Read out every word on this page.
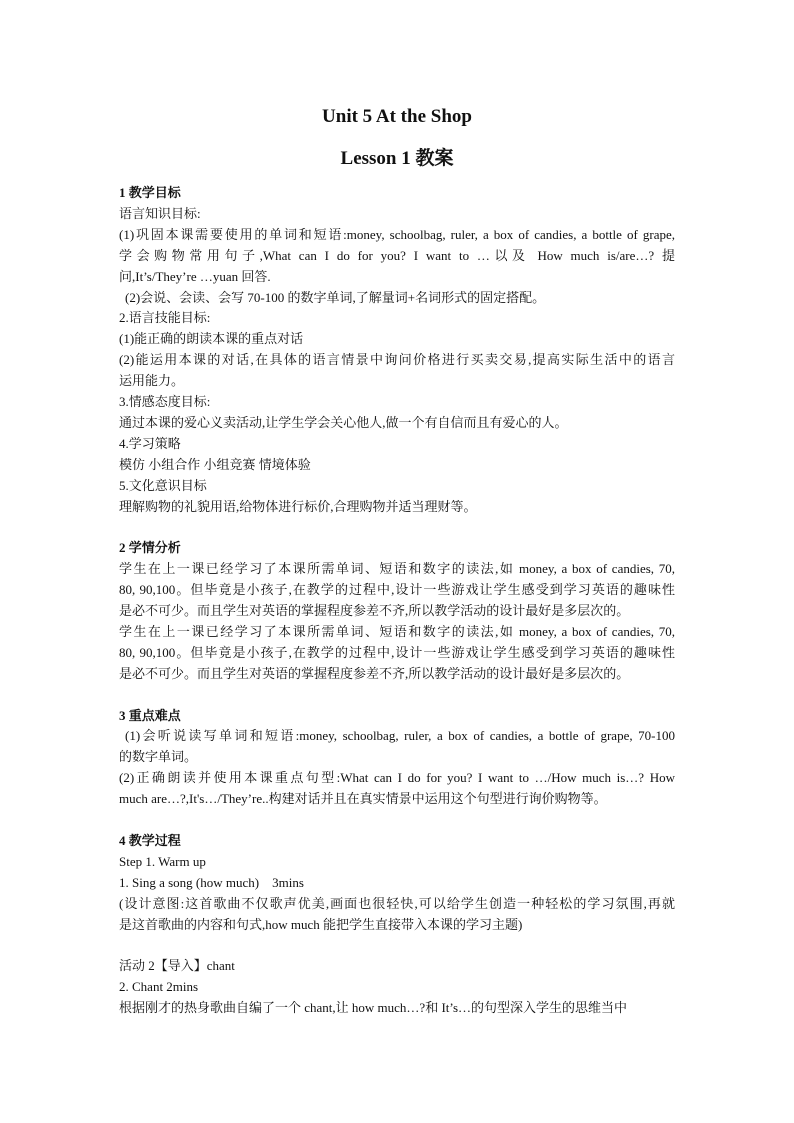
Unit 5 At the Shop
Lesson 1 教案
1 教学目标
语言知识目标:
(1)巩固本课需要使用的单词和短语:money, schoolbag, ruler, a box of candies, a bottle of grape,
学会购物常用句子,What can I do for you? I want to …以及 How much is/are…? 提
问,It’s/They’re …yuan 回答.
(2)会说、会读、会写 70-100 的数字单词,了解量词+名词形式的固定搭配。
2.语言技能目标:
(1)能正确的朗读本课的重点对话
(2)能运用本课的对话,在具体的语言情景中询问价格进行买卖交易,提高实际生活中的语言
运用能力。
3.情感态度目标:
通过本课的爱心义卖活动,让学生学会关心他人,做一个有自信而且有爱心的人。
4.学习策略
模仿 小组合作 小组竞赛 情境体验
5.文化意识目标
理解购物的礼貌用语,给物体进行标价,合理购物并适当理财等。
2 学情分析
学生在上一课已经学习了本课所需单词、短语和数字的读法,如 money, a box of candies, 70,
80, 90,100。但毕竟是小孩子,在教学的过程中,设计一些游戏让学生感受到学习英语的趣味性
是必不可少。而且学生对英语的掌握程度参差不齐,所以教学活动的设计最好是多层次的。
学生在上一课已经学习了本课所需单词、短语和数字的读法,如 money, a box of candies, 70,
80, 90,100。但毕竟是小孩子,在教学的过程中,设计一些游戏让学生感受到学习英语的趣味性
是必不可少。而且学生对英语的掌握程度参差不齐,所以教学活动的设计最好是多层次的。
3 重点难点
(1)会听说读写单词和短语:money, schoolbag, ruler, a box of candies, a bottle of grape, 70-100
的数字单词。
(2)正确朗读并使用本课重点句型:What can I do for you? I want to …/How much is…? How
much are…?,It's…/They’re..构建对话并且在真实情景中运用这个句型进行询价购物等。
4 教学过程
Step 1. Warm up
1. Sing a song (how much)    3mins
(设计意图:这首歌曲不仅歌声优美,画面也很轻快,可以给学生创造一种轻松的学习氛围,再就
是这首歌曲的内容和句式,how much 能把学生直接带入本课的学习主题)
活动 2【导入】chant
2. Chant 2mins
根据刚才的热身歌曲自编了一个 chant,让 how much…?和 It’s…的句型深入学生的思维当中
